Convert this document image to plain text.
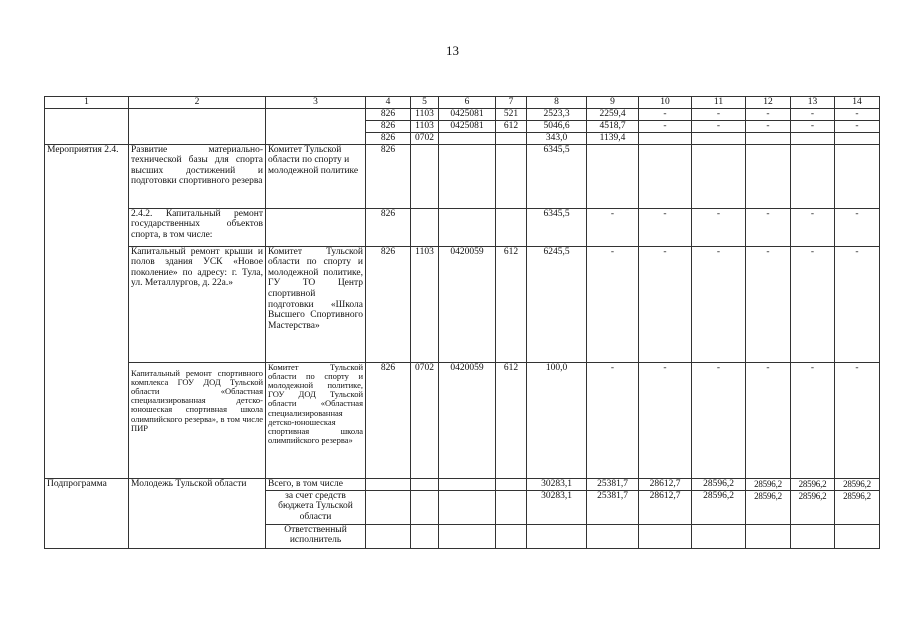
13
1	2	3	4	5	6	7	8	9	10	11	12	13	14
			826	1103	0425081	521	2523,3	2259,4	-	-	-	-	-
			826	1103	0425081	612	5046,6	4518,7	-	-	-	-	-
			826	0702			343,0	1139,4					
Мероприятия 2.4.	Развитие материально-технической базы для спорта высших достижений и подготовки спортивного резерва	Комитет Тульской области по спорту и молодежной политике	826				6345,5						
	2.4.2. Капитальный ремонт государственных объектов спорта, в том числе:		826				6345,5	-	-	-	-	-	-
	Капитальный ремонт крыши и полов здания УСК «Новое поколение» по адресу: г. Тула, ул. Металлургов, д. 22а.»	Комитет Тульской области по спорту и молодежной политике, ГУ ТО Центр спортивной подготовки «Школа Высшего Спортивного Мастерства»	826	1103	0420059	612	6245,5	-	-	-	-	-	-
	Капитальный ремонт спортивного комплекса ГОУ ДОД Тульской области «Областная специализированная детско-юношеская спортивная школа олимпийского резерва», в том числе ПИР	Комитет Тульской области по спорту и молодежной политике, ГОУ ДОД Тульской области «Областная специализированная детско-юношеская спортивная школа олимпийского резерва»	826	0702	0420059	612	100,0	-	-	-	-	-	-
Подпрограмма	Молодежь Тульской области	Всего, в том числе					30283,1	25381,7	28612,7	28596,2	28596,2	28596,2	28596,2
		за счет средств бюджета Тульской области					30283,1	25381,7	28612,7	28596,2	28596,2	28596,2	28596,2
		Ответственный исполнитель											
